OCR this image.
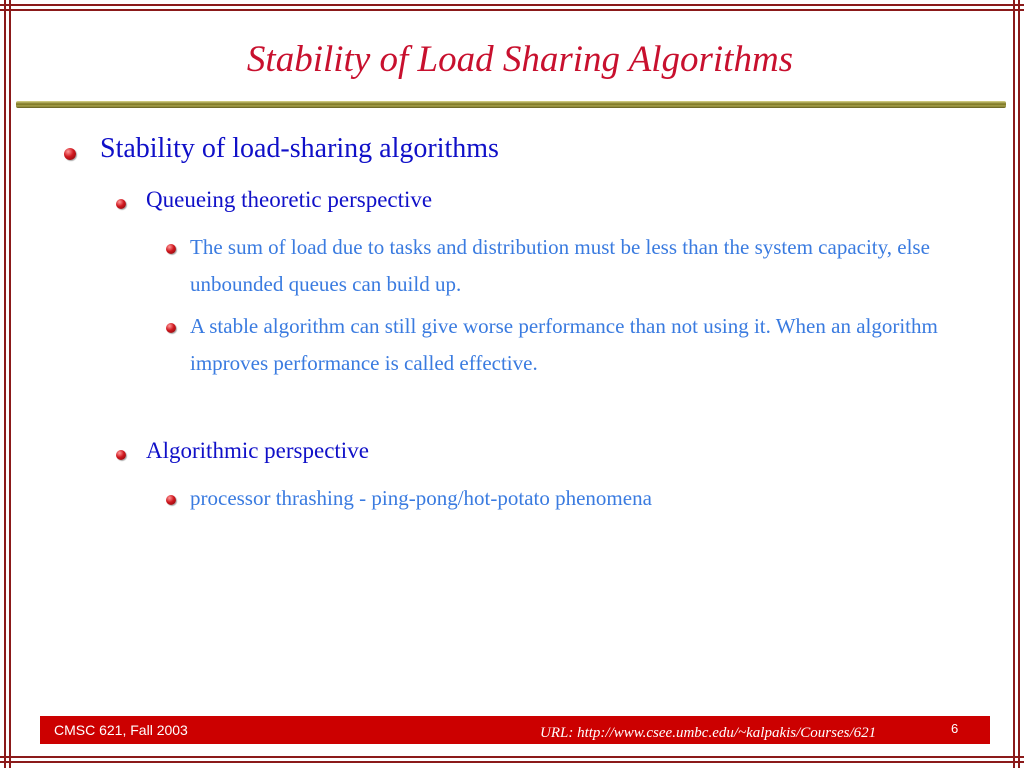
Stability of Load Sharing Algorithms
Stability of load-sharing algorithms
Queueing theoretic perspective
The sum of load due to tasks and distribution must be less than the system capacity, else unbounded queues can build up.
A stable algorithm can still give worse performance than not using it. When an algorithm improves performance is called effective.
Algorithmic perspective
processor thrashing - ping-pong/hot-potato phenomena
CMSC 621, Fall 2003	URL: http://www.csee.umbc.edu/~kalpakis/Courses/621	6
